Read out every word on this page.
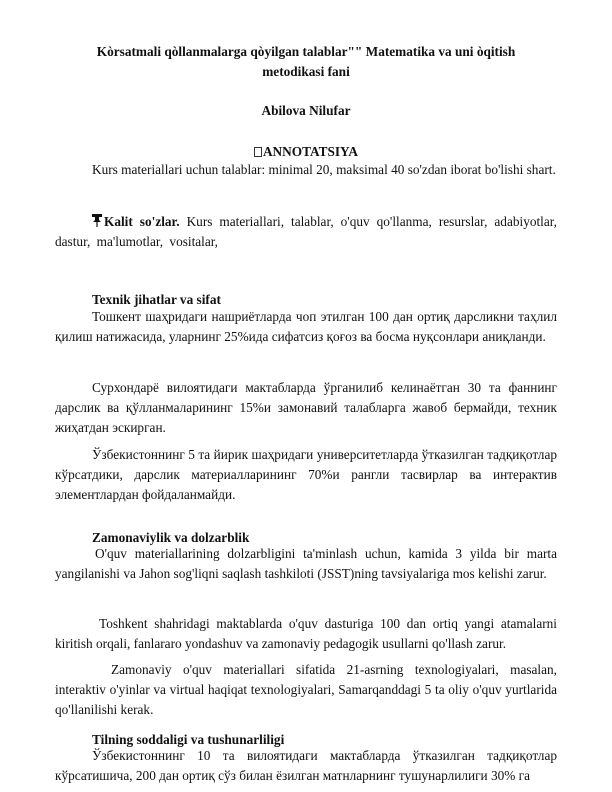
Kòrsatmali qòllanmalarga qòyilgan talablar"" Matematika va uni òqitish
metodikasi fani

Abilova Nilufar

ANNOTATSIYA

Kurs materiallari uchun talablar: minimal 20, maksimal 40 so'zdan iborat bo'lishi shart.

Kalit so'zlar. Kurs materiallari, talablar, o'quv qo'llanma, resurslar, adabiyotlar, dastur, ma'lumotlar, vositalar,

Texnik jihatlar va sifat

Тошкент шаҳридаги нашриётларда чоп этилган 100 дан ортиқ дарсликни таҳлил қилиш натижасида, уларнинг 25%ида сифатсиз қоғоз ва босма нуқсонлари аниқланди.

Сурхондарё вилоятидаги мактабларда ўрганилиб келинаётган 30 та фаннинг дарслик ва қўлланмаларининг 15%и замонавий талабларга жавоб бермайди, техник жиҳатдан эскирган.

Ўзбекистоннинг 5 та йирик шаҳридаги университетларда ўтказилган тадқиқотлар кўрсатдики, дарслик материалларининг 70%и рангли тасвирлар ва интерактив элементлардан фойдаланмайди.

Zamonaviylik va dolzarblik

O'quv materiallarining dolzarbligini ta'minlash uchun, kamida 3 yilda bir marta yangilanishi va Jahon sog'liqni saqlash tashkiloti (JSST)ning tavsiyalariga mos kelishi zarur.

Toshkent shahridagi maktablarda o'quv dasturiga 100 dan ortiq yangi atamalarni kiritish orqali, fanlararo yondashuv va zamonaviy pedagogik usullarni qo'llash zarur.

Zamonaviy o'quv materiallari sifatida 21-asrning texnologiyalari, masalan, interaktiv o'yinlar va virtual haqiqat texnologiyalari, Samarqanddagi 5 ta oliy o'quv yurtlarida qo'llanilishi kerak.

Tilning soddaligi va tushunarliligi

Ўзбекистоннинг 10 та вилоятидаги мактабларда ўтказилган тадқиқотлар кўрсатишича, 200 дан ортиқ сўз билан ёзилган матнларнинг тушунарлилиги 30% га
